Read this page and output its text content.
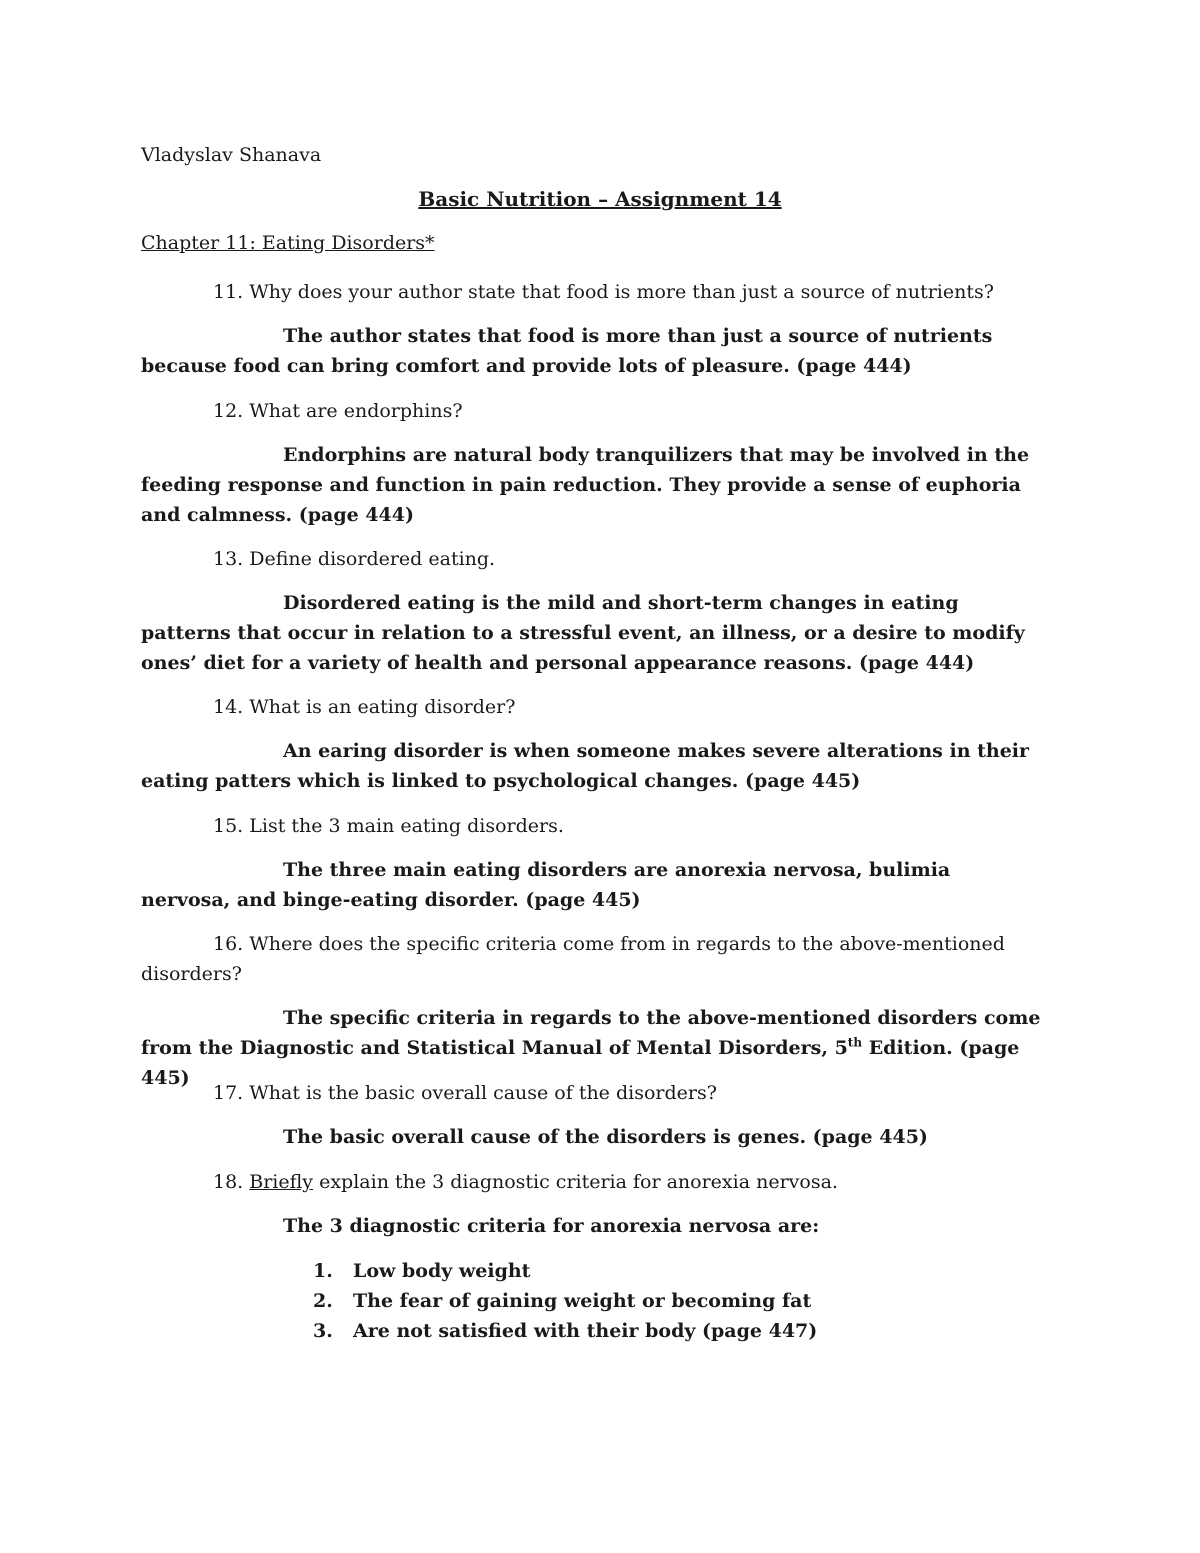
Vladyslav Shanava
Basic Nutrition – Assignment 14
Chapter 11: Eating Disorders*
11. Why does your author state that food is more than just a source of nutrients?
The author states that food is more than just a source of nutrients because food can bring comfort and provide lots of pleasure. (page 444)
12. What are endorphins?
Endorphins are natural body tranquilizers that may be involved in the feeding response and function in pain reduction. They provide a sense of euphoria and calmness. (page 444)
13. Define disordered eating.
Disordered eating is the mild and short-term changes in eating patterns that occur in relation to a stressful event, an illness, or a desire to modify ones’ diet for a variety of health and personal appearance reasons. (page 444)
14. What is an eating disorder?
An earing disorder is when someone makes severe alterations in their eating patters which is linked to psychological changes. (page 445)
15. List the 3 main eating disorders.
The three main eating disorders are anorexia nervosa, bulimia nervosa, and binge-eating disorder. (page 445)
16. Where does the specific criteria come from in regards to the above-mentioned disorders?
The specific criteria in regards to the above-mentioned disorders come from the Diagnostic and Statistical Manual of Mental Disorders, 5th Edition. (page 445)
17. What is the basic overall cause of the disorders?
The basic overall cause of the disorders is genes. (page 445)
18. Briefly explain the 3 diagnostic criteria for anorexia nervosa.
The 3 diagnostic criteria for anorexia nervosa are:
1. Low body weight
2. The fear of gaining weight or becoming fat
3. Are not satisfied with their body (page 447)
